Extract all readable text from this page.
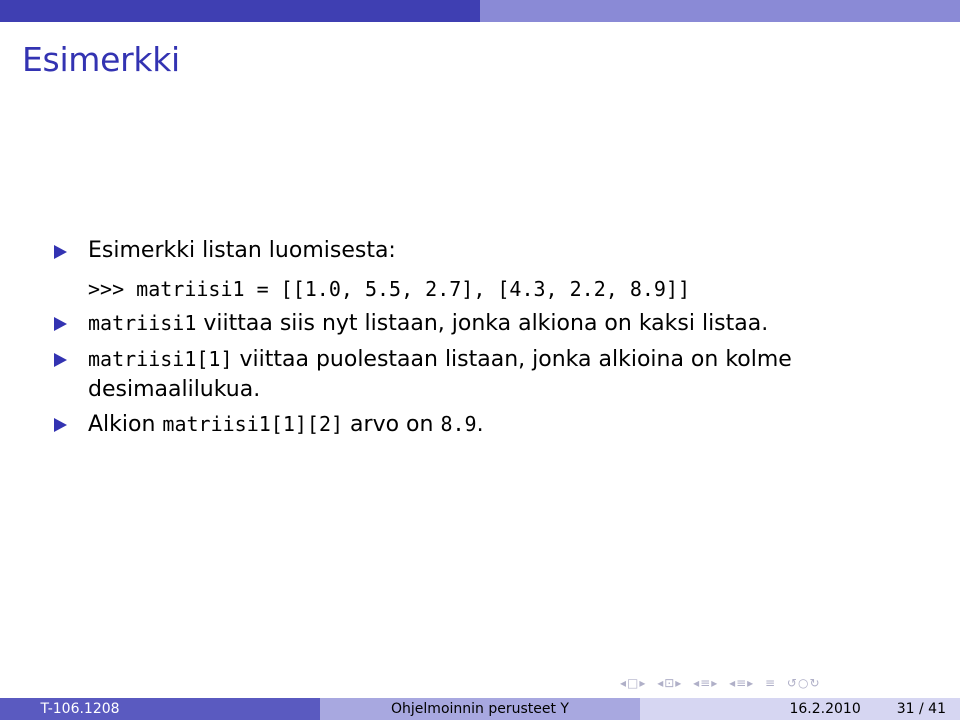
Esimerkki
Esimerkki listan luomisesta:
>>> matriisi1 = [[1.0, 5.5, 2.7], [4.3, 2.2, 8.9]]
matriisi1 viittaa siis nyt listaan, jonka alkiona on kaksi listaa.
matriisi1[1] viittaa puolestaan listaan, jonka alkioina on kolme desimaalilukua.
Alkion matriisi1[1][2] arvo on 8.9.
◂□▸ ◂⊡▸ ◂≡▸ ◂≡▸ ≡ ↺○↻
T-106.1208	Ohjelmoinnin perusteet Y	16.2.2010	31 / 41
